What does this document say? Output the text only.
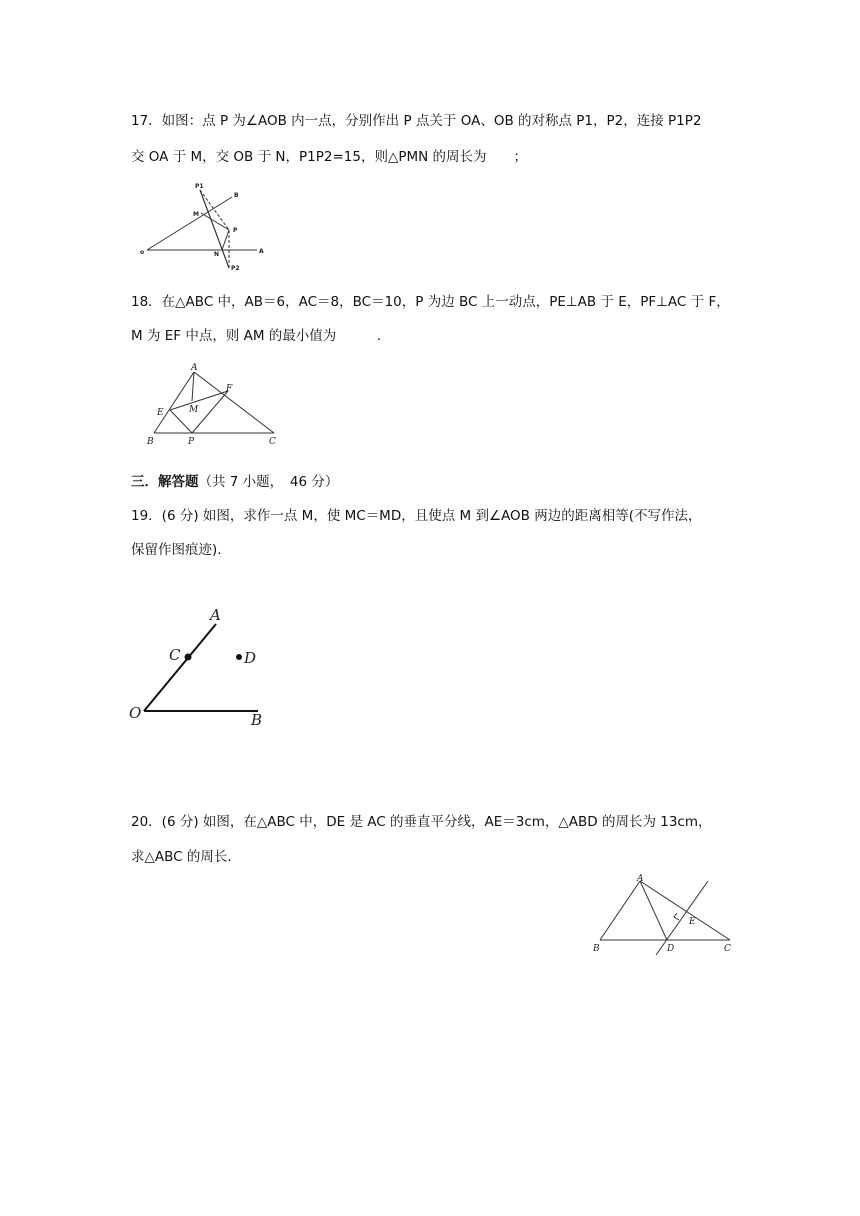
17．如图：点 P 为∠AOB 内一点，分别作出 P 点关于 OA、OB 的对称点 P1，P2，连接 P1P2
交 OA 于 M，交 OB 于 N，P1P2=15，则△PMN 的周长为　　；
o	A
B
P
P1
P2
M
N
18．在△ABC 中，AB＝6，AC＝8，BC＝10，P 为边 BC 上一动点，PE⊥AB 于 E，PF⊥AC 于 F，
M 为 EF 中点，则 AM 的最小值为　　　.
A
B	C
E
F
M
P
三．解答题（共 7 小题，　46 分）
19．(6 分) 如图，求作一点 M，使 MC＝MD，且使点 M 到∠AOB 两边的距离相等(不写作法，
保留作图痕迹).
A
B
C	D
O
20．(6 分) 如图，在△ABC 中，DE 是 AC 的垂直平分线，AE＝3cm，△ABD 的周长为 13cm，
求△ABC 的周长.
A
B	C
D
E
